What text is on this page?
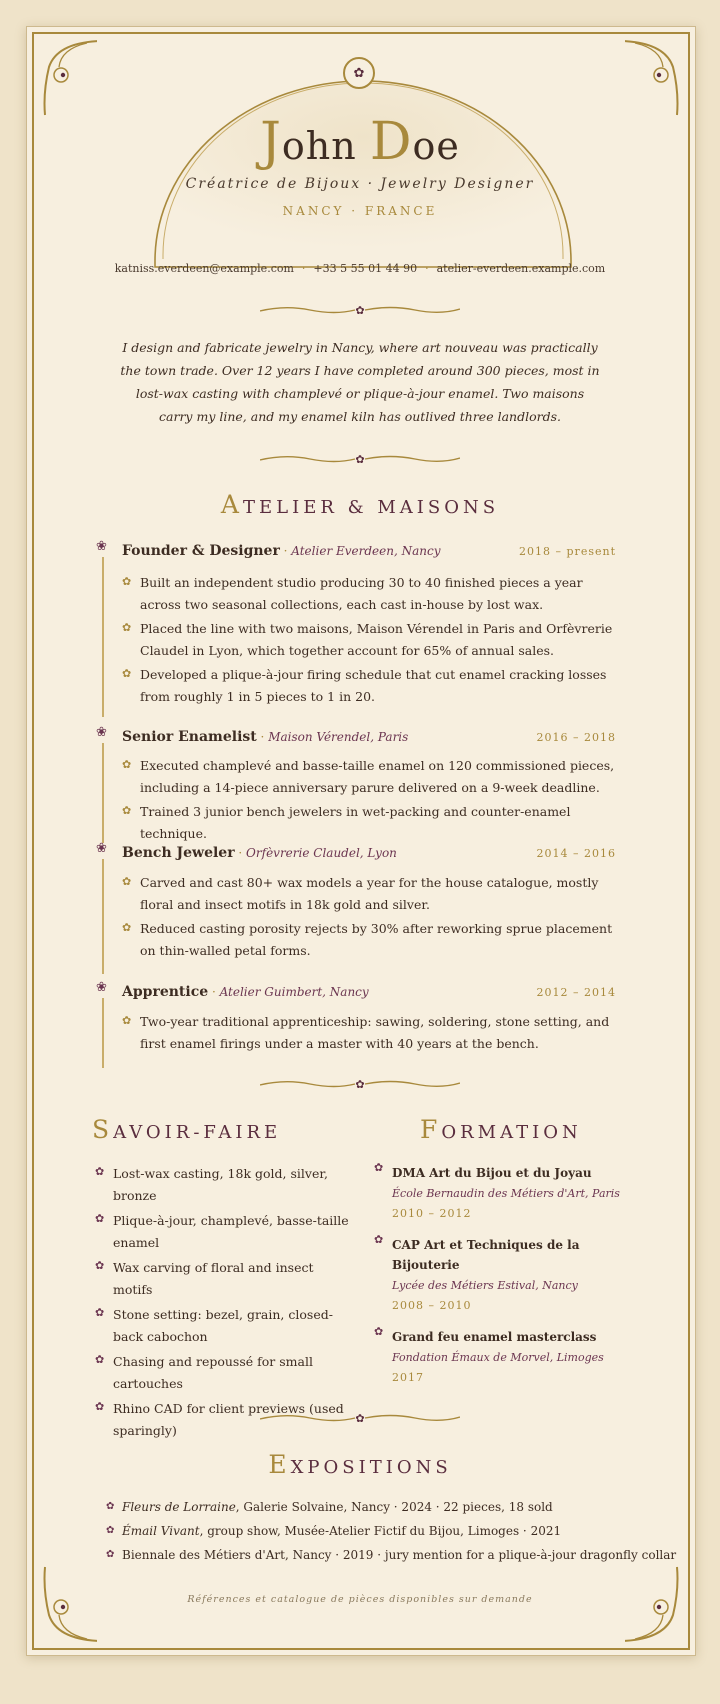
✿
John Doe
Créatrice de Bijoux · Jewelry Designer
NANCY · FRANCE
katniss.everdeen@example.com · +33 5 55 01 44 90 · atelier-everdeen.example.com
✿
I design and fabricate jewelry in Nancy, where art nouveau was practically the town trade. Over 12 years I have completed around 300 pieces, most in lost-wax casting with champlevé or plique-à-jour enamel. Two maisons carry my line, and my enamel kiln has outlived three landlords.
✿
ATELIER & MAISONS
❀ Founder & Designer · Atelier Everdeen, Nancy	2018 – present
✿ Built an independent studio producing 30 to 40 finished pieces a year across two seasonal collections, each cast in-house by lost wax.
✿ Placed the line with two maisons, Maison Vérendel in Paris and Orfèvrerie Claudel in Lyon, which together account for 65% of annual sales.
✿ Developed a plique-à-jour firing schedule that cut enamel cracking losses from roughly 1 in 5 pieces to 1 in 20.
❀ Senior Enamelist · Maison Vérendel, Paris	2016 – 2018
✿ Executed champlevé and basse-taille enamel on 120 commissioned pieces, including a 14-piece anniversary parure delivered on a 9-week deadline.
✿ Trained 3 junior bench jewelers in wet-packing and counter-enamel technique.
❀ Bench Jeweler · Orfèvrerie Claudel, Lyon	2014 – 2016
✿ Carved and cast 80+ wax models a year for the house catalogue, mostly floral and insect motifs in 18k gold and silver.
✿ Reduced casting porosity rejects by 30% after reworking sprue placement on thin-walled petal forms.
❀ Apprentice · Atelier Guimbert, Nancy	2012 – 2014
✿ Two-year traditional apprenticeship: sawing, soldering, stone setting, and first enamel firings under a master with 40 years at the bench.
✿
SAVOIR-FAIRE	FORMATION
✿ Lost-wax casting, 18k gold, silver, bronze
✿ Plique-à-jour, champlevé, basse-taille enamel
✿ Wax carving of floral and insect motifs
✿ Stone setting: bezel, grain, closed-back cabochon
✿ Chasing and repoussé for small cartouches
✿ Rhino CAD for client previews (used sparingly)
✿ DMA Art du Bijou et du Joyau
École Bernaudin des Métiers d'Art, Paris
2010 – 2012
✿ CAP Art et Techniques de la Bijouterie
Lycée des Métiers Estival, Nancy
2008 – 2010
✿ Grand feu enamel masterclass
Fondation Émaux de Morvel, Limoges
2017
✿
EXPOSITIONS
✿ Fleurs de Lorraine, Galerie Solvaine, Nancy · 2024 · 22 pieces, 18 sold
✿ Émail Vivant, group show, Musée-Atelier Fictif du Bijou, Limoges · 2021
✿ Biennale des Métiers d'Art, Nancy · 2019 · jury mention for a plique-à-jour dragonfly collar
Références et catalogue de pièces disponibles sur demande
